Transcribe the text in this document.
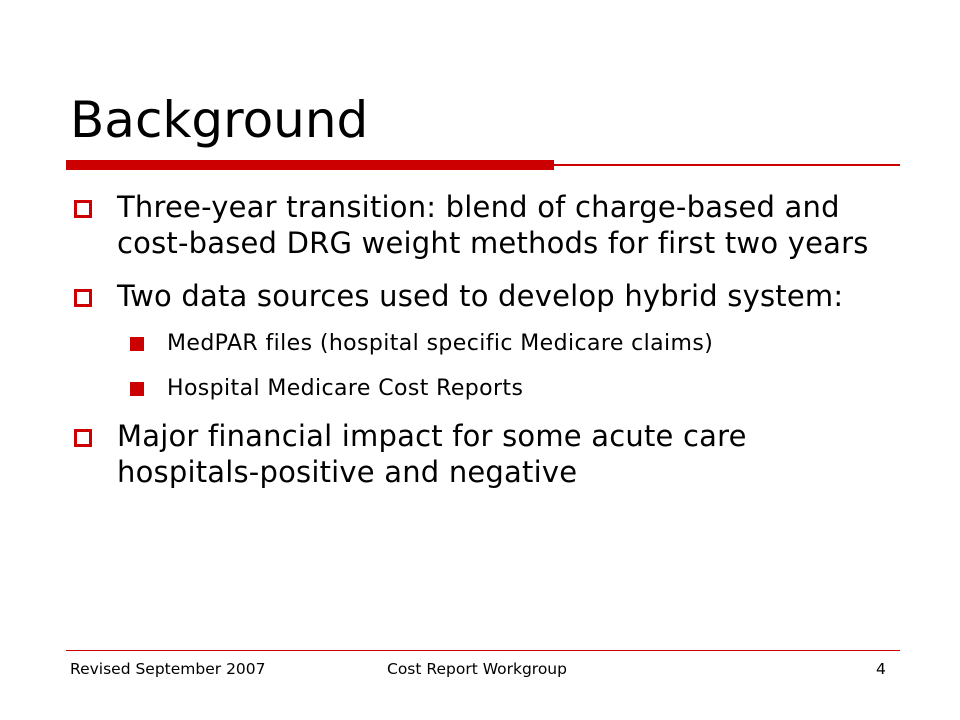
Background
Three-year transition: blend of charge-based and cost-based DRG weight methods for first two years
Two data sources used to develop hybrid system:
MedPAR files (hospital specific Medicare claims)
Hospital Medicare Cost Reports
Major financial impact for some acute care hospitals-positive and negative
Revised September 2007	Cost Report Workgroup	4
